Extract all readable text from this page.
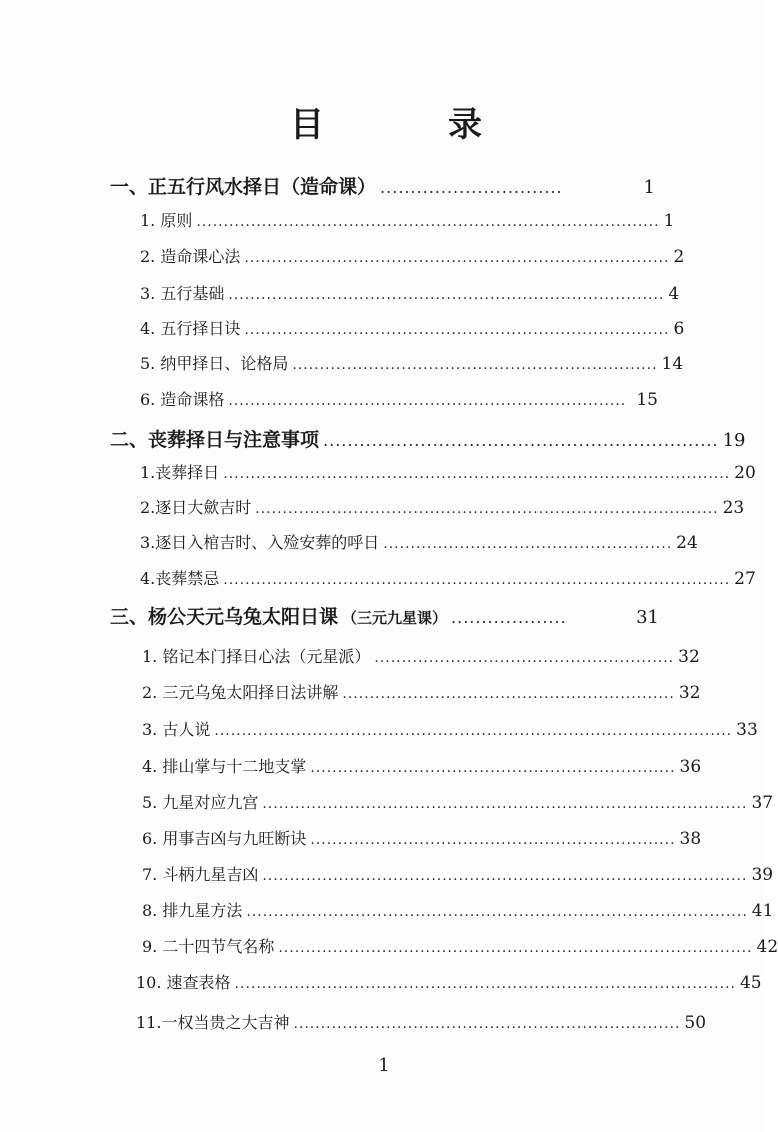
目	录
一、正五行风水择日（造命课） ..............................	1
1. 原则 ..................................................................................... 1
2. 造命课心法 .............................................................................. 2
3. 五行基础 ................................................................................ 4
4. 五行择日诀 .............................................................................. 6
5. 纳甲择日、论格局 ................................................................... 14
6. 造命课格 ......................................................................... 15
二、丧葬择日与注意事项 ................................................................. 19
1.丧葬择日 ............................................................................................. 20
2.逐日大歛吉时 ..................................................................................... 23
3.逐日入棺吉时、入殓安葬的呼日 ..................................................... 24
4.丧葬禁忌 ............................................................................................. 27
三、杨公天元乌兔太阳日课 （三元九星课） ...................	31
1. 铭记本门择日心法（元星派） ....................................................... 32
2. 三元乌兔太阳择日法讲解 ............................................................. 32
3. 古人说 ............................................................................................... 33
4. 排山掌与十二地支掌 ................................................................... 36
5. 九星对应九宫 ......................................................................................... 37
6. 用事吉凶与九旺断诀 ................................................................... 38
7. 斗柄九星吉凶 ......................................................................................... 39
8. 排九星方法 ............................................................................................ 41
9. 二十四节气名称 ....................................................................................... 42
10. 速查表格 ............................................................................................ 45
11.一权当贵之大吉神 ....................................................................... 50
1
